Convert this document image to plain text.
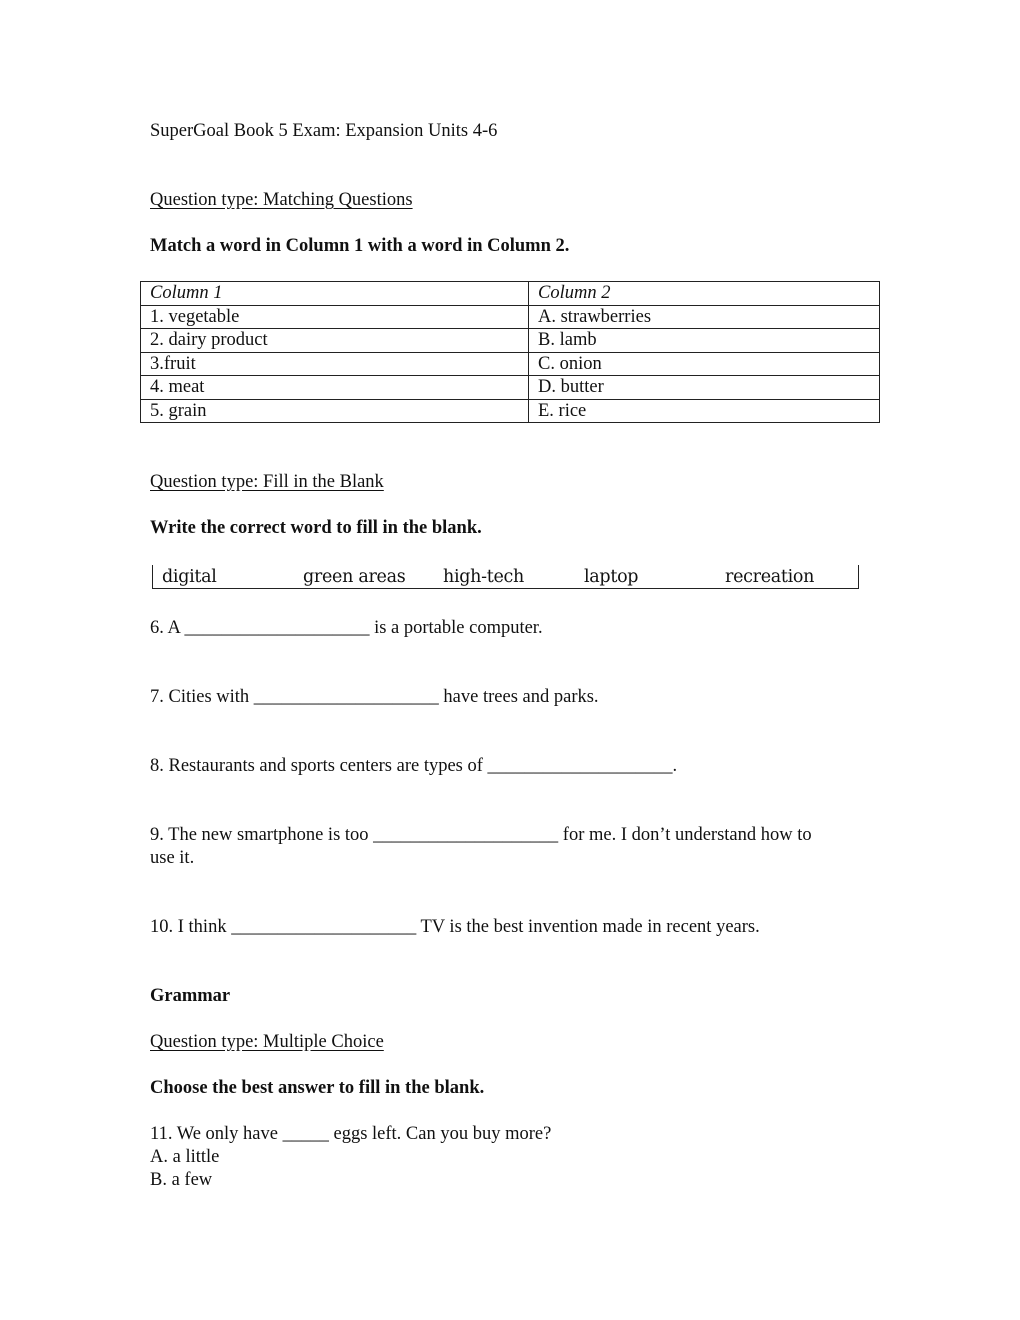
SuperGoal Book 5 Exam: Expansion Units 4-6
Question type: Matching Questions
Match a word in Column 1 with a word in Column 2.
Column 1	Column 2
1. vegetable	A. strawberries
2. dairy product	B. lamb
3.fruit	C. onion
4. meat	D. butter
5. grain	E. rice
Question type: Fill in the Blank
Write the correct word to fill in the blank.
digital	green areas high-tech	laptop	recreation
6. A ____________________ is a portable computer.
7. Cities with ____________________ have trees and parks.
8. Restaurants and sports centers are types of ____________________.
9. The new smartphone is too ____________________ for me. I don’t understand how to
use it.
10. I think ____________________ TV is the best invention made in recent years.
Grammar
Question type: Multiple Choice
Choose the best answer to fill in the blank.
11. We only have _____ eggs left. Can you buy more?
A. a little
B. a few
